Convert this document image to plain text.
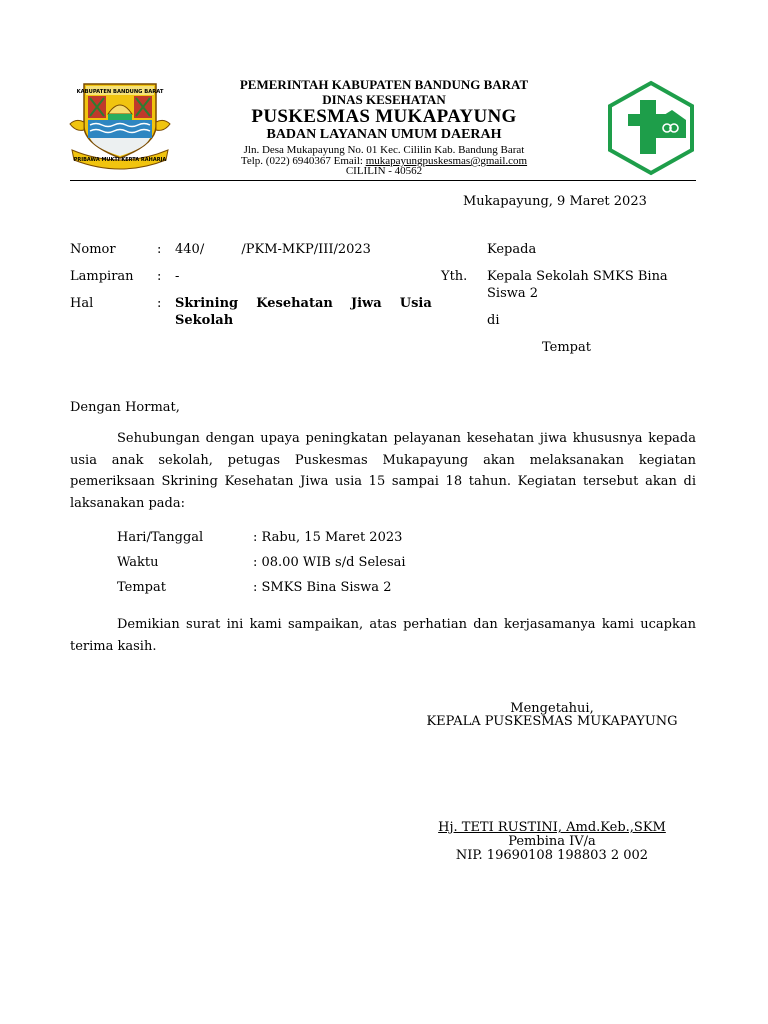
KABUPATEN BANDUNG BARAT
PRIBAWA MUKTI KERTA RAHARJA
PEMERINTAH KABUPATEN BANDUNG BARAT
DINAS KESEHATAN
PUSKESMAS MUKAPAYUNG
BADAN LAYANAN UMUM DAERAH
Jln. Desa Mukapayung No. 01 Kec. Cililin Kab. Bandung Barat
Telp. (022) 6940367 Email: mukapayungpuskesmas@gmail.com
CILILIN - 40562
Mukapayung, 9 Maret 2023
Nomor	: 440/         /PKM-MKP/III/2023
Lampiran : -
Hal	: Skrining    Kesehatan    Jiwa    Usia
Sekolah
Kepada
Yth. Kepala Sekolah SMKS Bina
Siswa 2
di
Tempat
Dengan Hormat,
Sehubungan dengan upaya peningkatan pelayanan kesehatan jiwa khususnya kepada usia anak sekolah, petugas Puskesmas Mukapayung akan melaksanakan kegiatan pemeriksaan Skrining Kesehatan Jiwa usia 15 sampai 18 tahun. Kegiatan tersebut akan di laksanakan pada:
Hari/Tanggal	: Rabu, 15 Maret 2023
Waktu	: 08.00 WIB s/d Selesai
Tempat	: SMKS Bina Siswa 2
Demikian surat ini kami sampaikan, atas perhatian dan kerjasamanya kami ucapkan terima kasih.
Mengetahui,
KEPALA PUSKESMAS MUKAPAYUNG
Hj. TETI RUSTINI, Amd.Keb.,SKM
Pembina IV/a
NIP. 19690108 198803 2 002
